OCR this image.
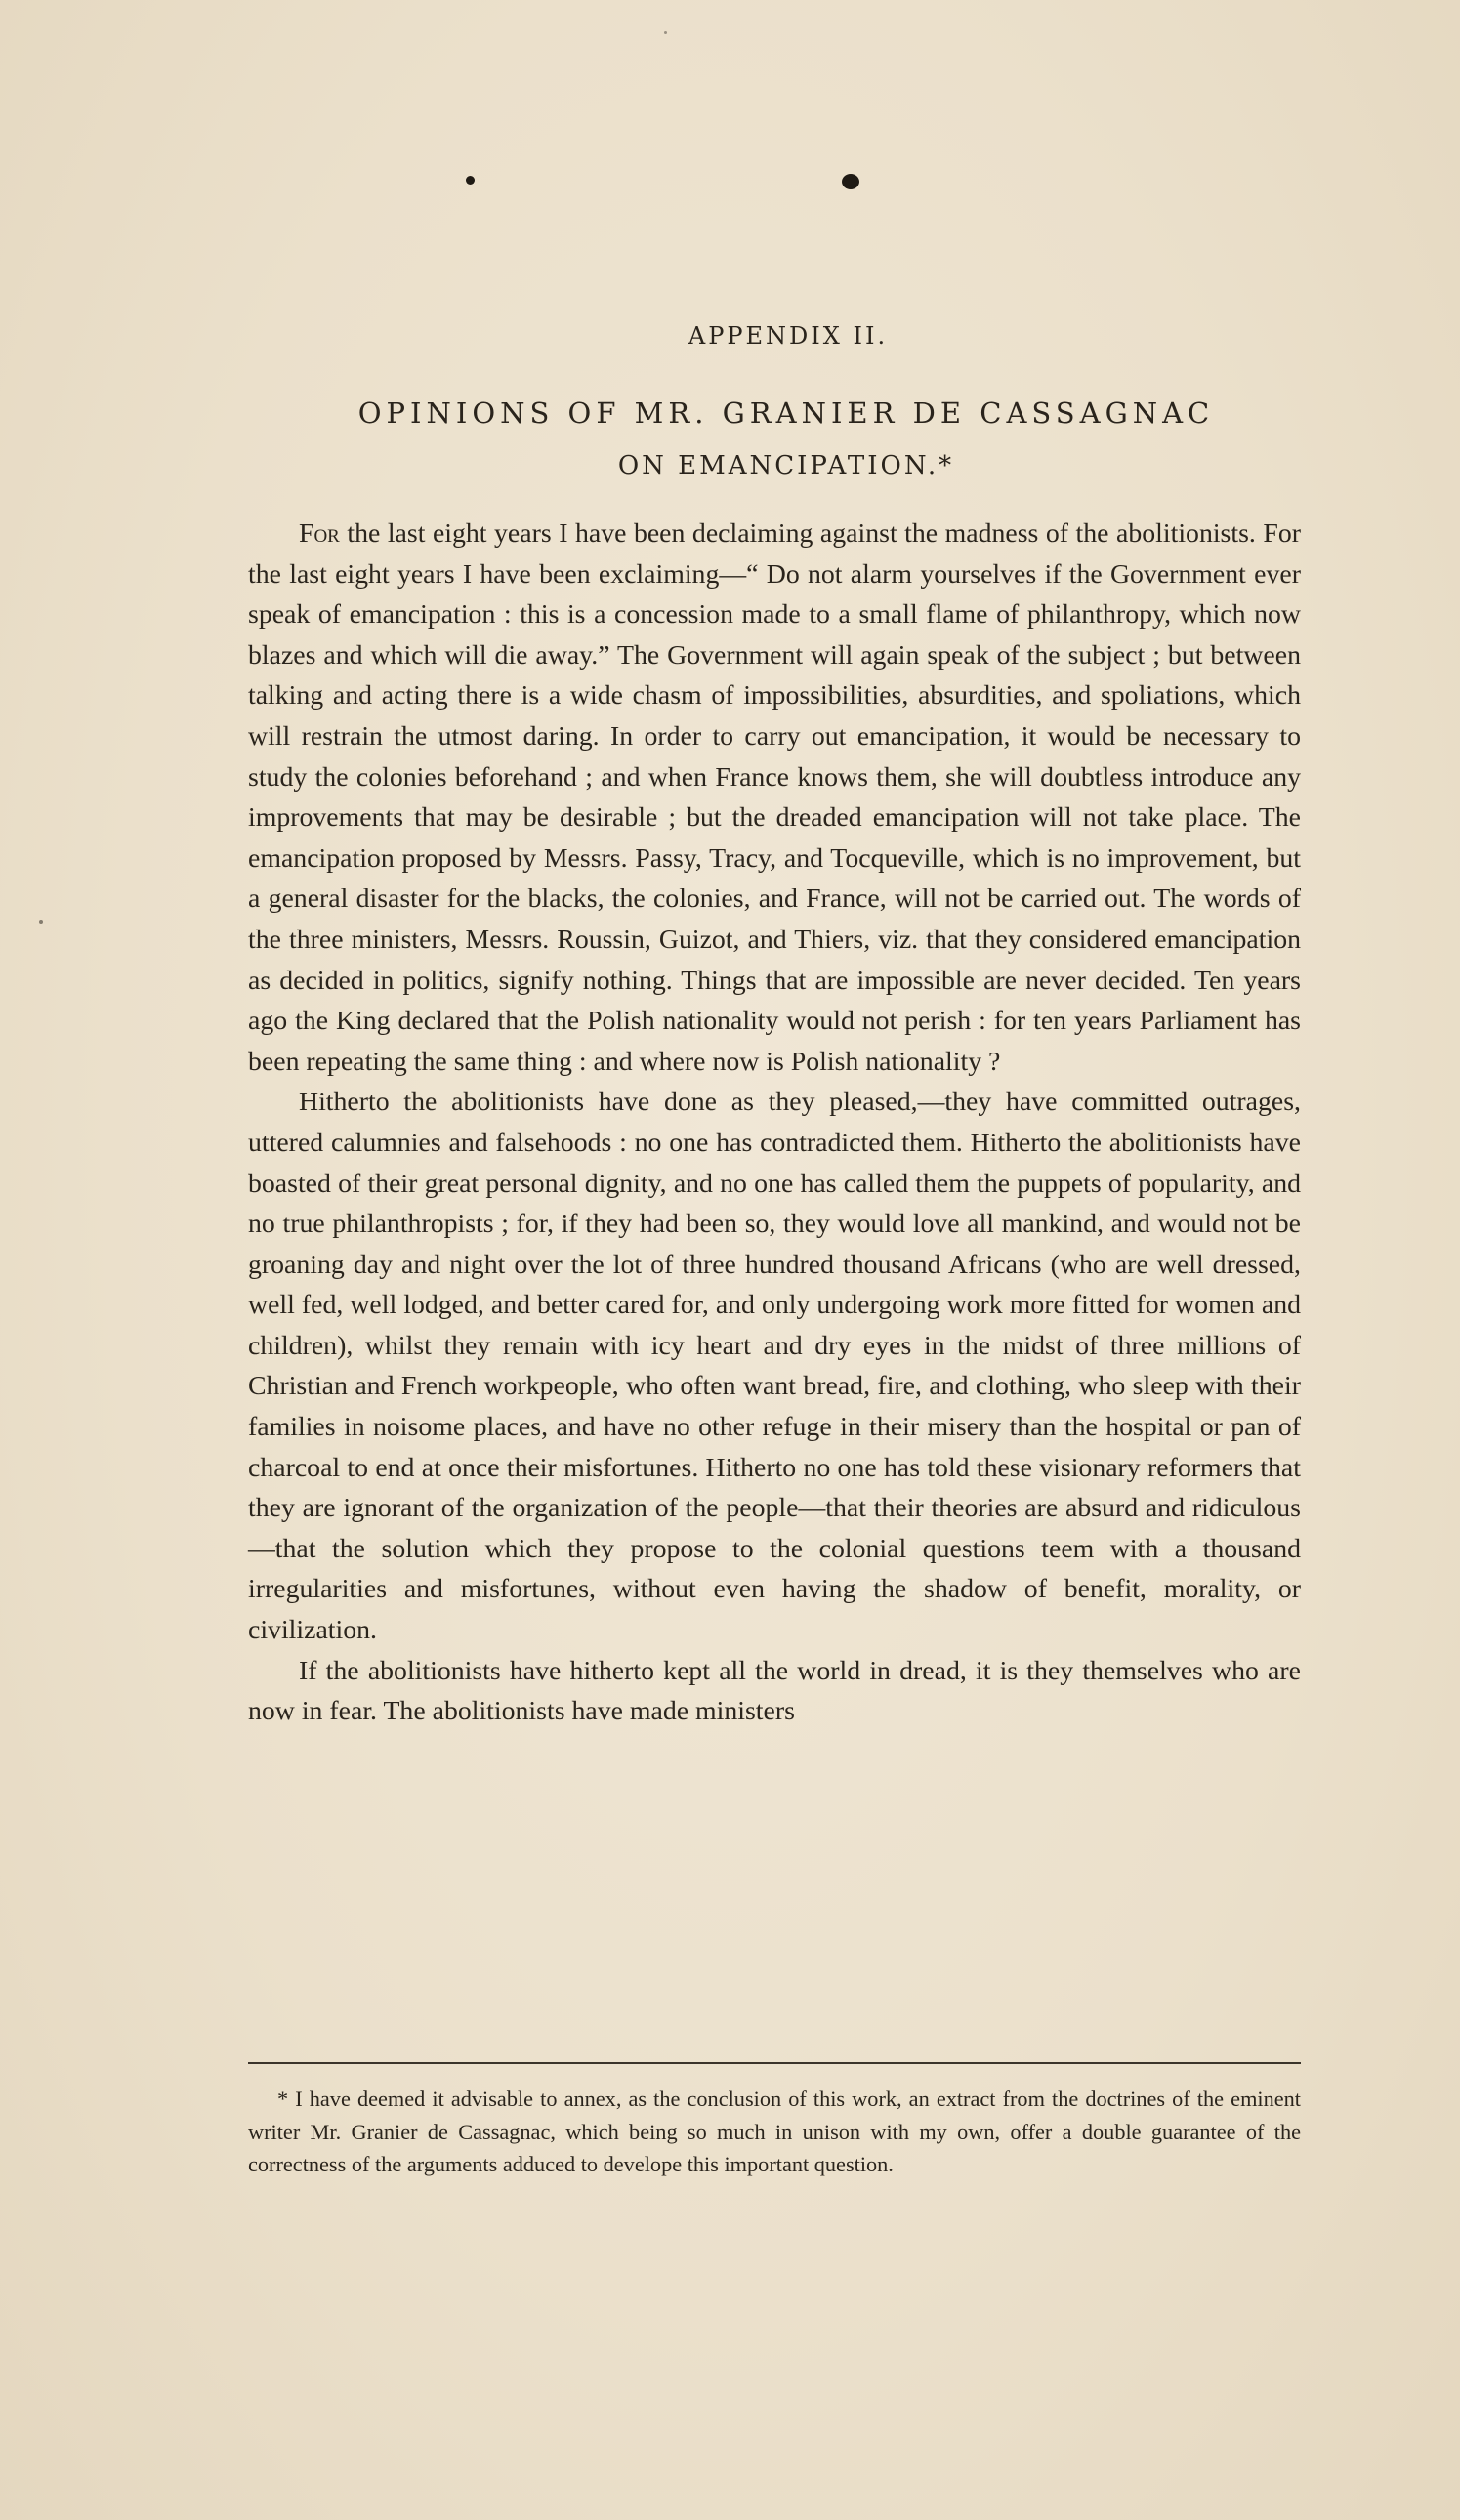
APPENDIX II.
OPINIONS OF MR. GRANIER DE CASSAGNAC
ON EMANCIPATION.*

For the last eight years I have been declaiming against the madness of the abolitionists. For the last eight years I have been exclaiming—“ Do not alarm yourselves if the Government ever speak of emancipation : this is a concession made to a small flame of philanthropy, which now blazes and which will die away.” The Government will again speak of the subject ; but between talking and acting there is a wide chasm of impossibilities, absurdities, and spoliations, which will restrain the utmost daring. In order to carry out emancipation, it would be necessary to study the colonies beforehand ; and when France knows them, she will doubtless introduce any improvements that may be desirable ; but the dreaded emancipation will not take place. The emancipation proposed by Messrs. Passy, Tracy, and Tocqueville, which is no improvement, but a general disaster for the blacks, the colonies, and France, will not be carried out. The words of the three ministers, Messrs. Roussin, Guizot, and Thiers, viz. that they considered emancipation as decided in politics, signify nothing. Things that are impossible are never decided. Ten years ago the King declared that the Polish nationality would not perish : for ten years Parliament has been repeating the same thing : and where now is Polish nationality ?

Hitherto the abolitionists have done as they pleased,—they have committed outrages, uttered calumnies and falsehoods : no one has contradicted them. Hitherto the abolitionists have boasted of their great personal dignity, and no one has called them the puppets of popularity, and no true philanthropists ; for, if they had been so, they would love all mankind, and would not be groaning day and night over the lot of three hundred thousand Africans (who are well dressed, well fed, well lodged, and better cared for, and only undergoing work more fitted for women and children), whilst they remain with icy heart and dry eyes in the midst of three millions of Christian and French workpeople, who often want bread, fire, and clothing, who sleep with their families in noisome places, and have no other refuge in their misery than the hospital or pan of charcoal to end at once their misfortunes. Hitherto no one has told these visionary reformers that they are ignorant of the organization of the people—that their theories are absurd and ridiculous —that the solution which they propose to the colonial questions teem with a thousand irregularities and misfortunes, without even having the shadow of benefit, morality, or civilization.

If the abolitionists have hitherto kept all the world in dread, it is they themselves who are now in fear. The abolitionists have made ministers

* I have deemed it advisable to annex, as the conclusion of this work, an extract from the doctrines of the eminent writer Mr. Granier de Cassagnac, which being so much in unison with my own, offer a double guarantee of the correctness of the arguments adduced to develope this important question.
